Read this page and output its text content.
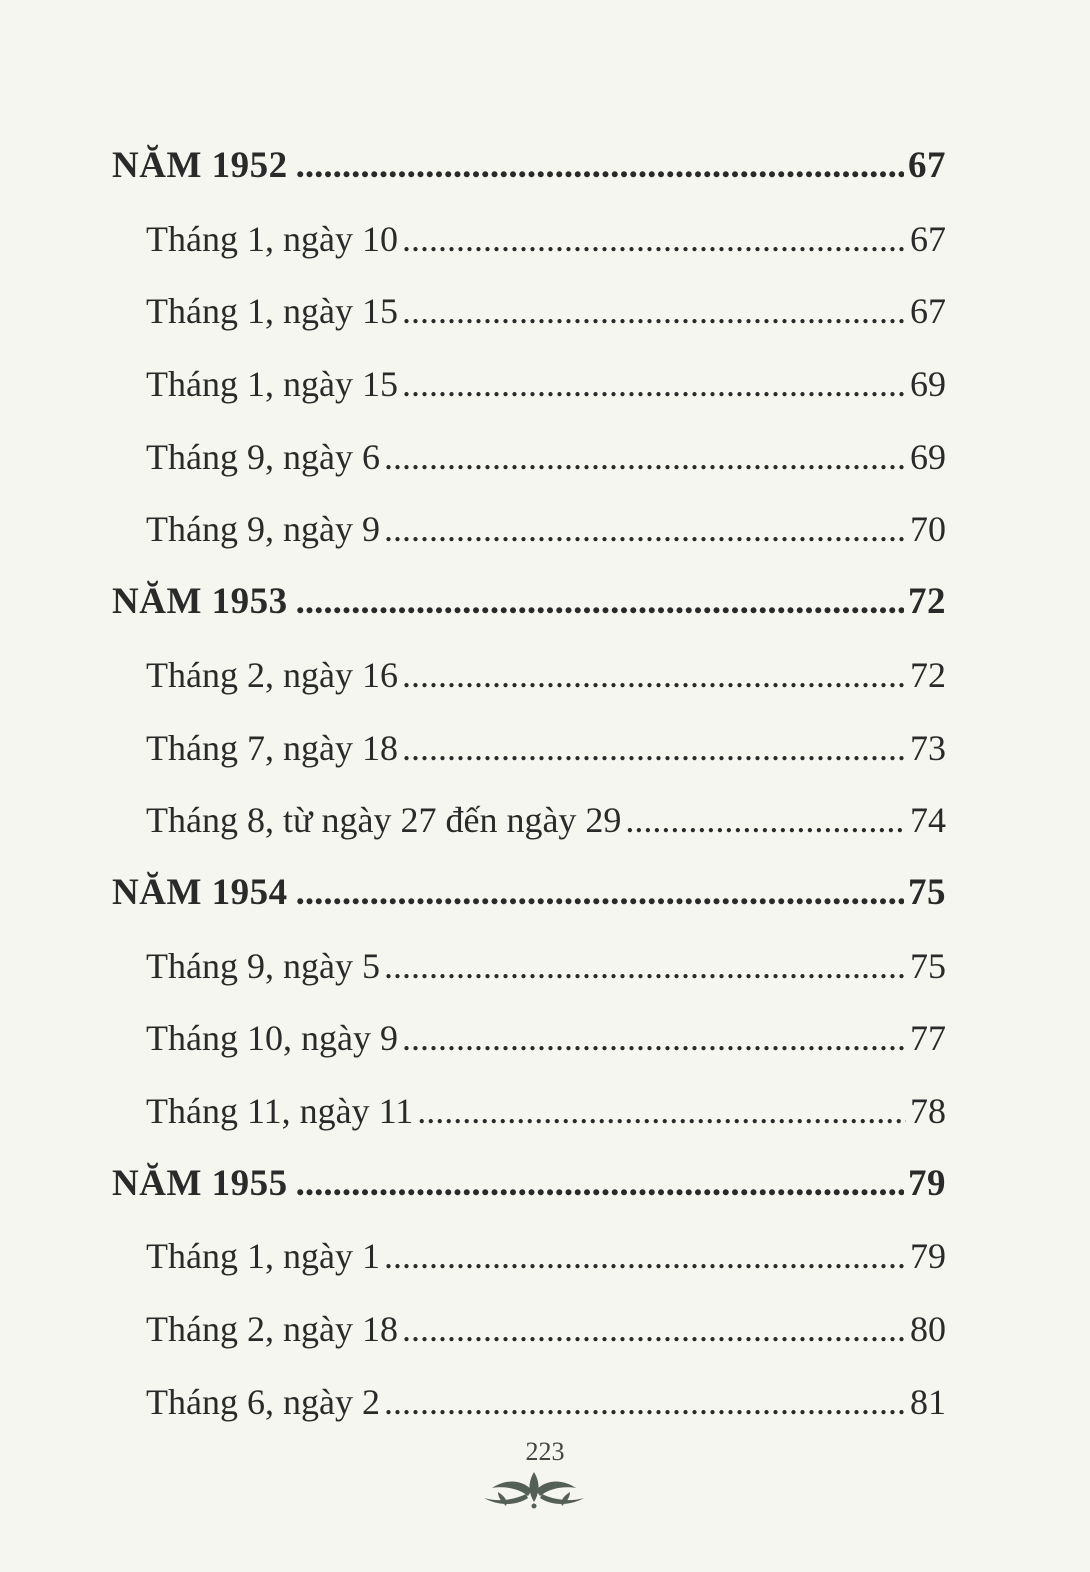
NĂM 1952 .....	67
Tháng 1, ngày 10 .....	67
Tháng 1, ngày 15 .....	67
Tháng 1, ngày 15 .....	69
Tháng 9, ngày 6 .....	69
Tháng 9, ngày 9 .....	70
NĂM 1953 .....	72
Tháng 2, ngày 16 .....	72
Tháng 7, ngày 18 .....	73
Tháng 8, từ ngày 27 đến ngày 29 .....	74
NĂM 1954 .....	75
Tháng 9, ngày 5 .....	75
Tháng 10, ngày 9 .....	77
Tháng 11, ngày 11 .....	78
NĂM 1955 .....	79
Tháng 1, ngày 1 .....	79
Tháng 2, ngày 18 .....	80
Tháng 6, ngày 2 .....	81
223
